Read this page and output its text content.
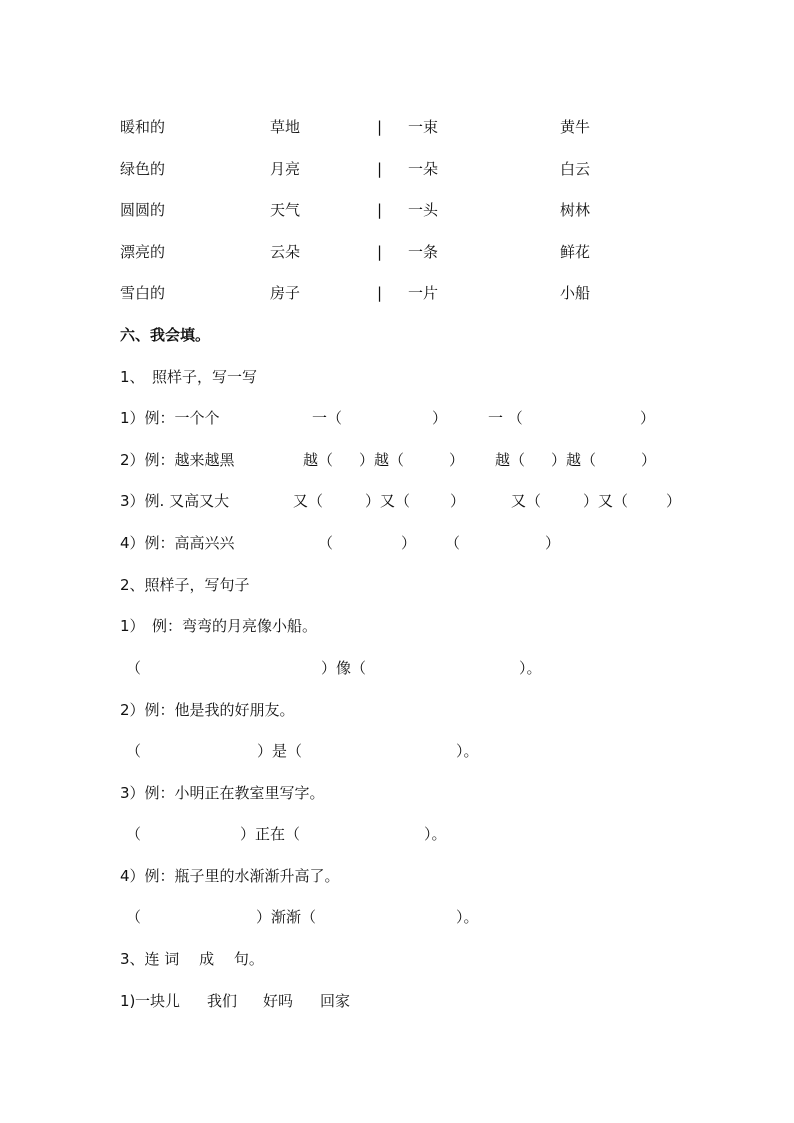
暖和的	草地	| 一束	黄牛
绿色的	月亮	| 一朵	白云
圆圆的	天气	| 一头	树林
漂亮的	云朵	| 一条	鲜花
雪白的	房子	| 一片	小船
六、我会填。
1、　照样子，写一写
1）例：一个个	一（	）	一 （	）
2）例：越来越黑	越（ ）越（	） 越（ ）越（	）
3）例. 又高又大	又（	）又（	）	又（	）又（	）
4）例：高高兴兴	（	） （	）
2、照样子，写句子
1）　例：弯弯的月亮像小船。
（	）像（	）。
2）例：他是我的好朋友。
（	）是（	）。
3）例：小明正在教室里写字。
（	）正在（	）。
4）例：瓶子里的水渐渐升高了。
（	）渐渐（	）。
3、连 词　 成　 句。
1) 一块儿 我们 好吗 回家
